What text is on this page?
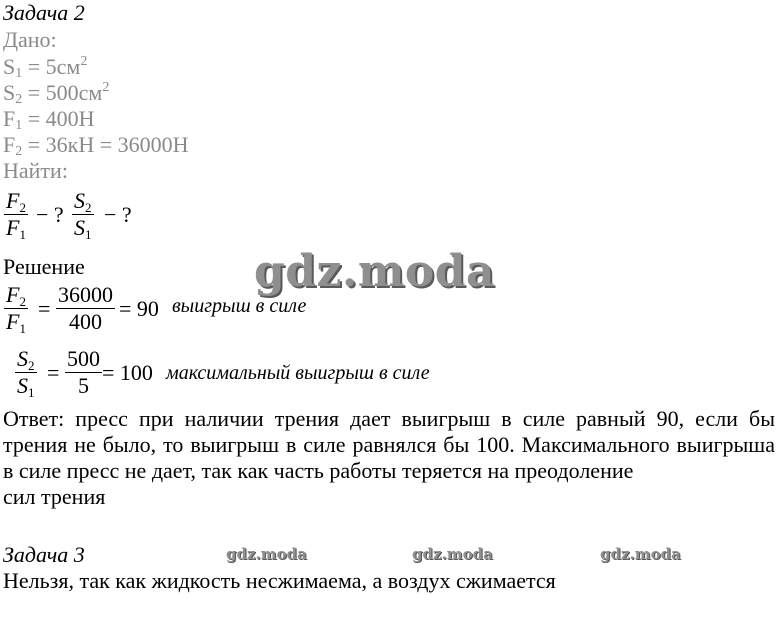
Задача 2
Дано:
$S_1 = 5см^2$
$S_2 = 500см^2$
$F_1 = 400Н$
$F_2 = 36кН = 36000Н$
Найти:
$F_2$
$F_1$
− ?
$S_2$
$S_1$
− ?
Решение	gdz.moda
$F_2$
$F_1$
=
36000
400
= 90 выигрыш в силе
$S_2$
$S_1$
=
500
5
= 100 максимальный выигрыш в силе
Ответ: пресс при наличии трения дает выигрыш в силе равный 90, если бы трения не было, то выигрыш в силе равнялся бы 100. Максимального выигрыша в силе пресс не дает, так как часть работы теряется на преодоление
сил трения
Задача 3	gdz.moda	gdz.moda	gdz.moda
Нельзя, так как жидкость несжимаема, а воздух сжимается
